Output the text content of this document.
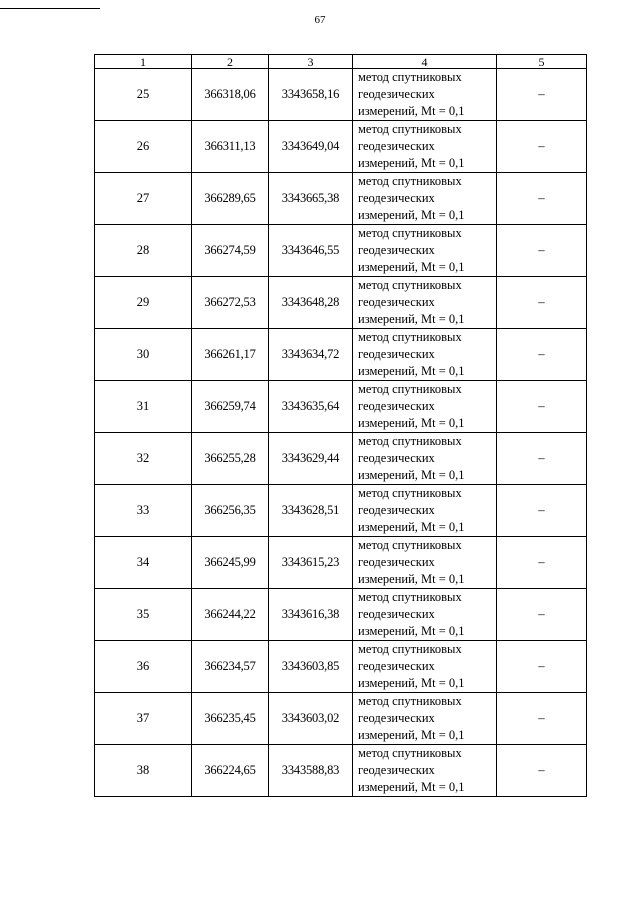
67
1	2	3	4	5
25	366318,06	3343658,16	метод спутниковых
геодезических
измерений, Mt = 0,1	–
26	366311,13	3343649,04	метод спутниковых
геодезических
измерений, Mt = 0,1	–
27	366289,65	3343665,38	метод спутниковых
геодезических
измерений, Mt = 0,1	–
28	366274,59	3343646,55	метод спутниковых
геодезических
измерений, Mt = 0,1	–
29	366272,53	3343648,28	метод спутниковых
геодезических
измерений, Mt = 0,1	–
30	366261,17	3343634,72	метод спутниковых
геодезических
измерений, Mt = 0,1	–
31	366259,74	3343635,64	метод спутниковых
геодезических
измерений, Mt = 0,1	–
32	366255,28	3343629,44	метод спутниковых
геодезических
измерений, Mt = 0,1	–
33	366256,35	3343628,51	метод спутниковых
геодезических
измерений, Mt = 0,1	–
34	366245,99	3343615,23	метод спутниковых
геодезических
измерений, Mt = 0,1	–
35	366244,22	3343616,38	метод спутниковых
геодезических
измерений, Mt = 0,1	–
36	366234,57	3343603,85	метод спутниковых
геодезических
измерений, Mt = 0,1	–
37	366235,45	3343603,02	метод спутниковых
геодезических
измерений, Mt = 0,1	–
38	366224,65	3343588,83	метод спутниковых
геодезических
измерений, Mt = 0,1	–
